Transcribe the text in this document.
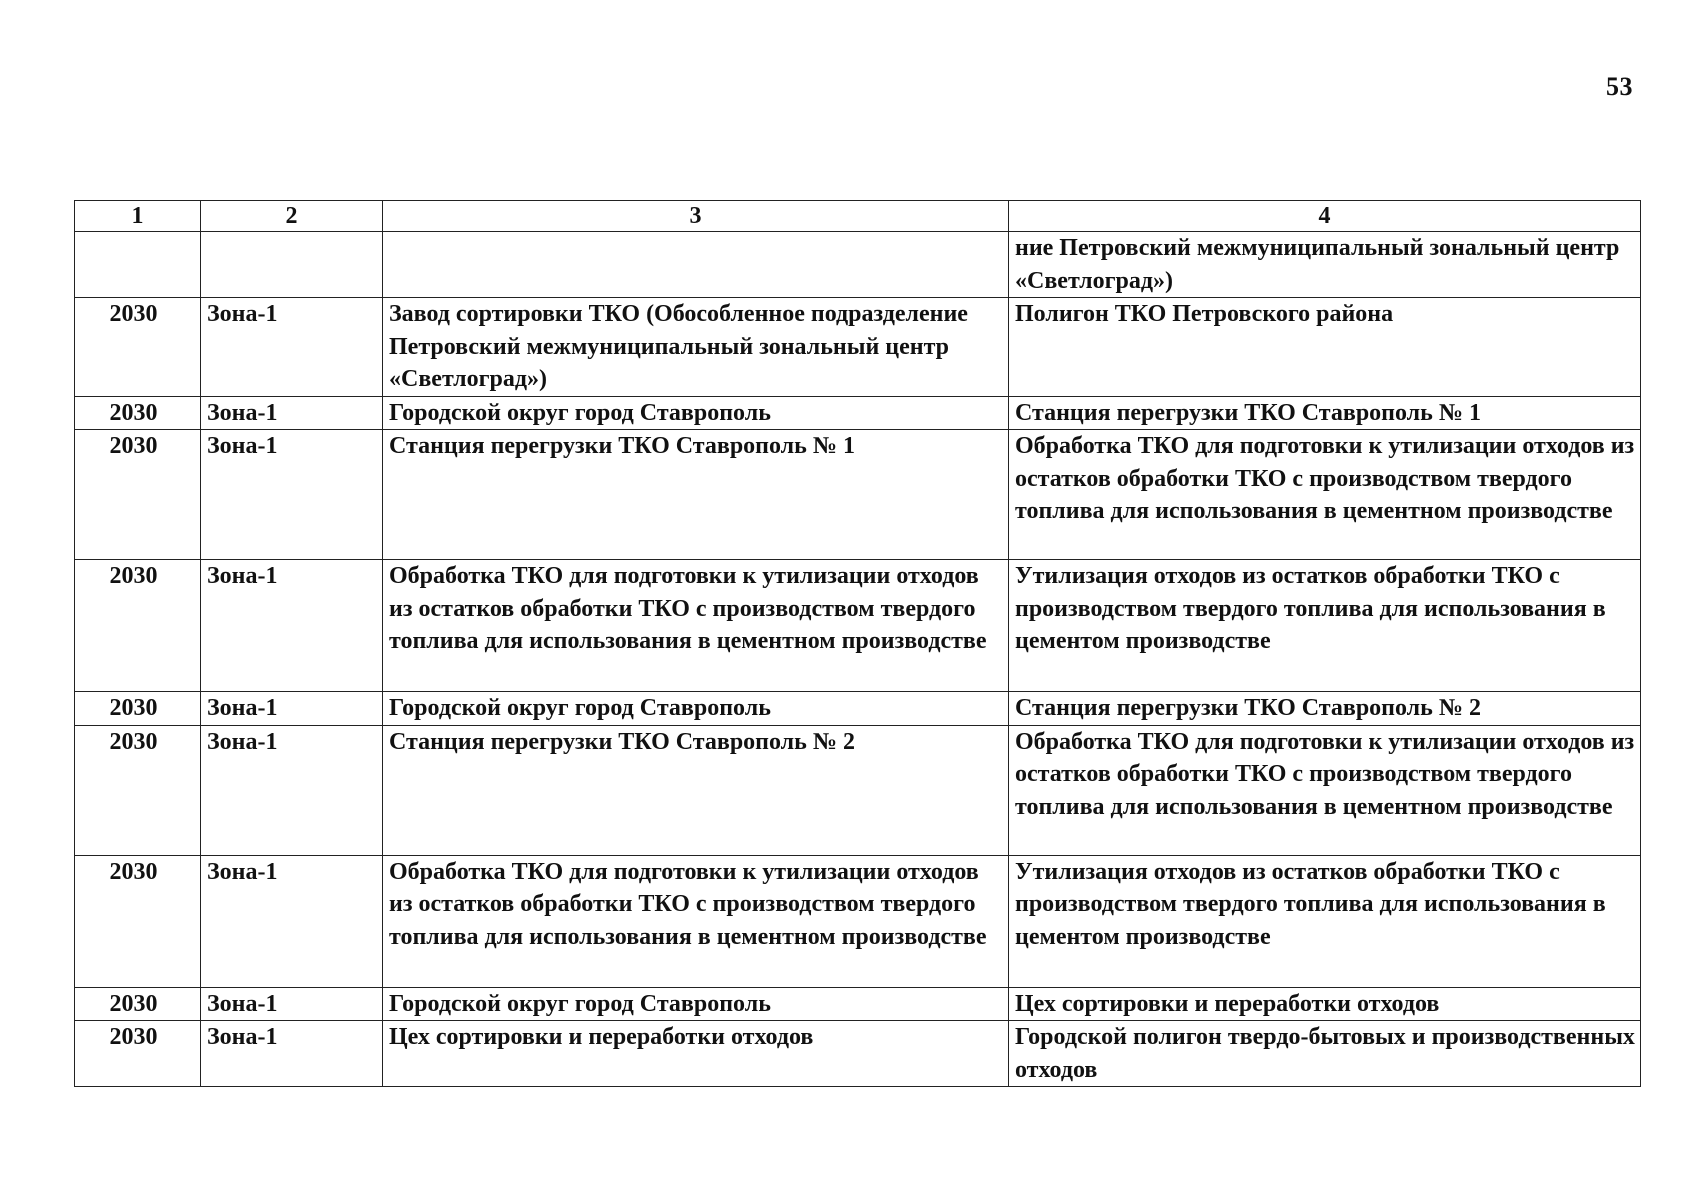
53
1	2	3	4
			ние Петровский межмуниципальный зональный центр «Светлоград»)
2030	Зона-1	Завод сортировки ТКО (Обособленное подразделение Петровский межмуниципальный зональный центр «Светлоград»)	Полигон ТКО Петровского района
2030	Зона-1	Городской округ город Ставрополь	Станция перегрузки ТКО Ставрополь № 1
2030	Зона-1	Станция перегрузки ТКО Ставрополь № 1	Обработка ТКО для подготовки к утилизации отходов из остатков обработки ТКО с производством твердого топлива для использования в цементном производстве
2030	Зона-1	Обработка ТКО для подготовки к утилизации отходов из остатков обработки ТКО с производством твердого топлива для использования в цементном производстве	Утилизация отходов из остатков обработки ТКО с производством твердого топлива для использования в цементом производстве
2030	Зона-1	Городской округ город Ставрополь	Станция перегрузки ТКО Ставрополь № 2
2030	Зона-1	Станция перегрузки ТКО Ставрополь № 2	Обработка ТКО для подготовки к утилизации отходов из остатков обработки ТКО с производством твердого топлива для использования в цементном производстве
2030	Зона-1	Обработка ТКО для подготовки к утилизации отходов из остатков обработки ТКО с производством твердого топлива для использования в цементном производстве	Утилизация отходов из остатков обработки ТКО с производством твердого топлива для использования в цементом производстве
2030	Зона-1	Городской округ город Ставрополь	Цех сортировки и переработки отходов
2030	Зона-1	Цех сортировки и переработки отходов	Городской полигон твердо-бытовых и производственных отходов
